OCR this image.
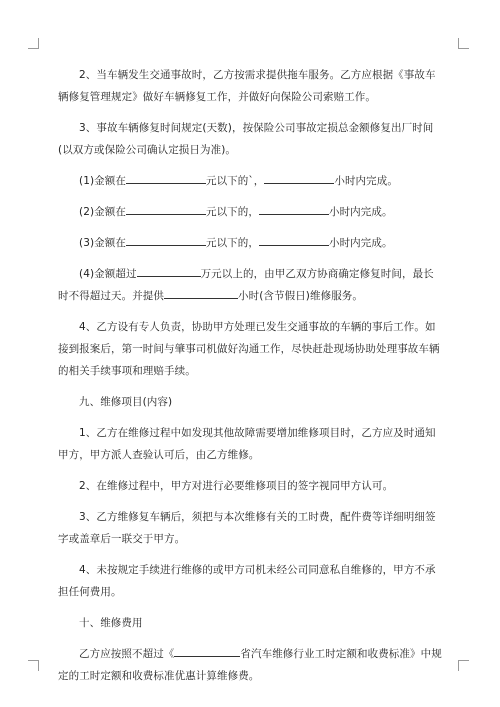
2、当车辆发生交通事故时，乙方按需求提供拖车服务。乙方应根据《事故车辆修复管理规定》做好车辆修复工作，并做好向保险公司索赔工作。

3、事故车辆修复时间规定(天数)，按保险公司事故定损总金额修复出厂时间(以双方或保险公司确认定损日为准)。

(1)金额在	元以下的`，	小时内完成。

(2)金额在	元以下的，	小时内完成。

(3)金额在	元以下的，	小时内完成。

(4)金额超过	万元以上的，由甲乙双方协商确定修复时间，最长时不得超过天。并提供	小时(含节假日)维修服务。

4、乙方设有专人负责，协助甲方处理已发生交通事故的车辆的事后工作。如接到报案后，第一时间与肇事司机做好沟通工作，尽快赶赴现场协助处理事故车辆的相关手续事项和理赔手续。

九、维修项目(内容)

1、乙方在维修过程中如发现其他故障需要增加维修项目时，乙方应及时通知甲方，甲方派人查验认可后，由乙方维修。

2、在维修过程中，甲方对进行必要维修项目的签字视同甲方认可。

3、乙方维修复车辆后，须把与本次维修有关的工时费，配件费等详细明细签字或盖章后一联交于甲方。

4、未按规定手续进行维修的或甲方司机未经公司同意私自维修的，甲方不承担任何费用。

十、维修费用

乙方应按照不超过《	省汽车维修行业工时定额和收费标准》中规定的工时定额和收费标准优惠计算维修费。
